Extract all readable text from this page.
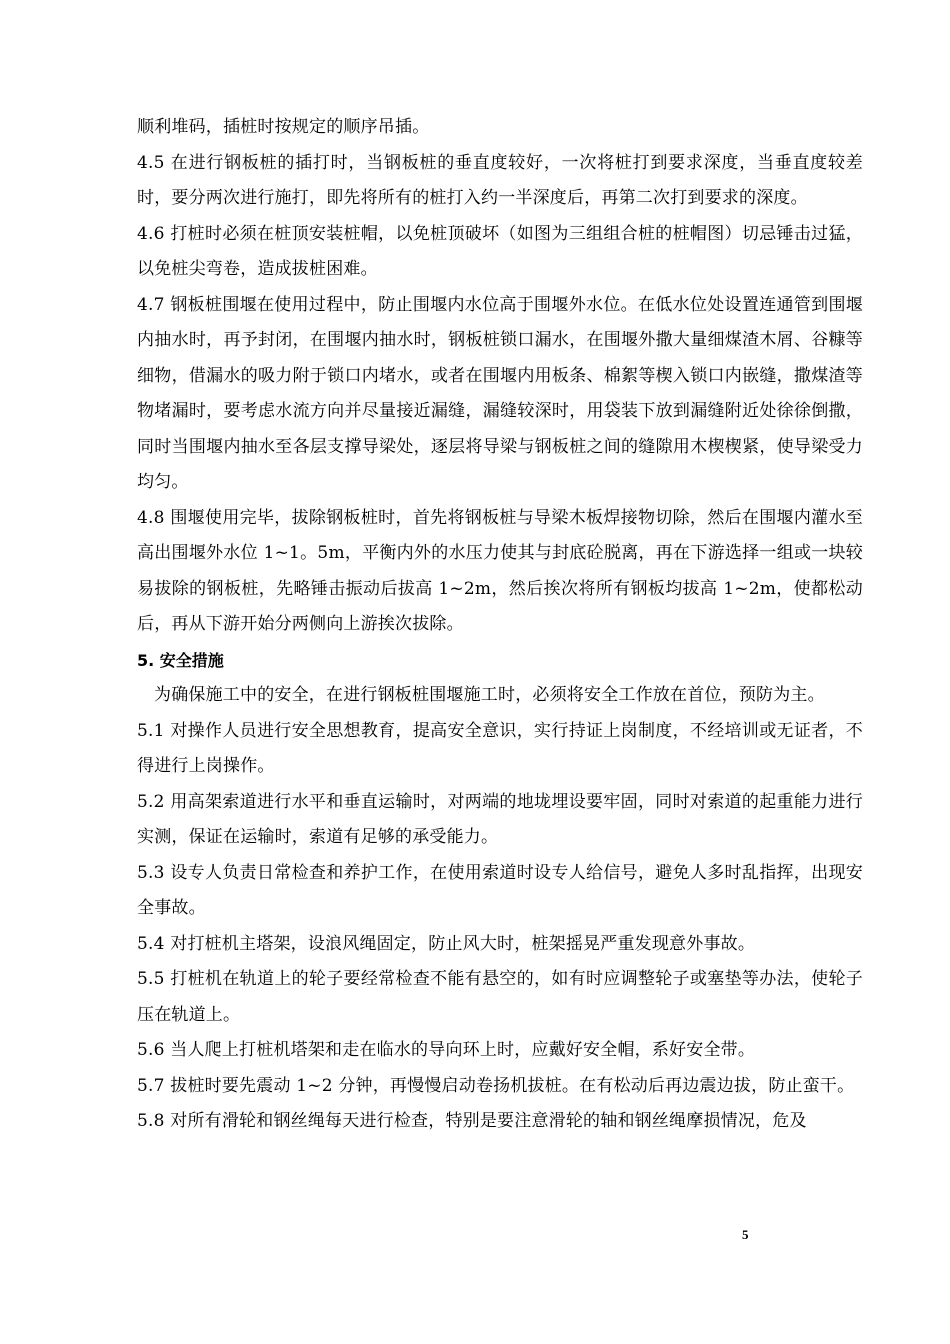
顺利堆码，插桩时按规定的顺序吊插。

4.5 在进行钢板桩的插打时，当钢板桩的垂直度较好，一次将桩打到要求深度，当垂直度较差时，要分两次进行施打，即先将所有的桩打入约一半深度后，再第二次打到要求的深度。

4.6 打桩时必须在桩顶安装桩帽，以免桩顶破坏（如图为三组组合桩的桩帽图）切忌锤击过猛，以免桩尖弯卷，造成拔桩困难。

4.7 钢板桩围堰在使用过程中，防止围堰内水位高于围堰外水位。在低水位处设置连通管到围堰内抽水时，再予封闭，在围堰内抽水时，钢板桩锁口漏水，在围堰外撒大量细煤渣木屑、谷糠等细物，借漏水的吸力附于锁口内堵水，或者在围堰内用板条、棉絮等楔入锁口内嵌缝，撒煤渣等物堵漏时，要考虑水流方向并尽量接近漏缝，漏缝较深时，用袋装下放到漏缝附近处徐徐倒撒，同时当围堰内抽水至各层支撑导梁处，逐层将导梁与钢板桩之间的缝隙用木楔楔紧，使导梁受力均匀。

4.8 围堰使用完毕，拔除钢板桩时，首先将钢板桩与导梁木板焊接物切除，然后在围堰内灌水至高出围堰外水位 1~1。5m，平衡内外的水压力使其与封底砼脱离，再在下游选择一组或一块较易拔除的钢板桩，先略锤击振动后拔高 1~2m，然后挨次将所有钢板均拔高 1~2m，使都松动后，再从下游开始分两侧向上游挨次拔除。

5. 安全措施

为确保施工中的安全，在进行钢板桩围堰施工时，必须将安全工作放在首位，预防为主。

5.1 对操作人员进行安全思想教育，提高安全意识，实行持证上岗制度，不经培训或无证者，不得进行上岗操作。

5.2 用高架索道进行水平和垂直运输时，对两端的地垅埋设要牢固，同时对索道的起重能力进行实测，保证在运输时，索道有足够的承受能力。

5.3 设专人负责日常检查和养护工作，在使用索道时设专人给信号，避免人多时乱指挥，出现安全事故。

5.4 对打桩机主塔架，设浪风绳固定，防止风大时，桩架摇晃严重发现意外事故。

5.5 打桩机在轨道上的轮子要经常检查不能有悬空的，如有时应调整轮子或塞垫等办法，使轮子压在轨道上。

5.6 当人爬上打桩机塔架和走在临水的导向环上时，应戴好安全帽，系好安全带。

5.7 拔桩时要先震动 1~2 分钟，再慢慢启动卷扬机拔桩。在有松动后再边震边拔，防止蛮干。

5.8 对所有滑轮和钢丝绳每天进行检查，特别是要注意滑轮的轴和钢丝绳摩损情况，危及

5
